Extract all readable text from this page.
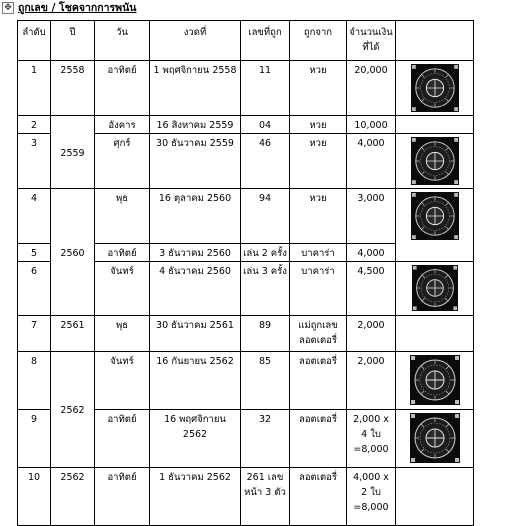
✥ ถูกเลข / โชคจากการพนัน
ลำดับ	ปี	วัน	งวดที่	เลขที่ถูก	ถูกจาก	จำนวนเงิน ที่ได้	
1	2558	อาทิตย์	1 พฤศจิกายน 2558	11	หวย	20,000	

2	2559	อังคาร	16 สิงหาคม 2559	04	หวย	10,000	
3		ศุกร์	30 ธันวาคม 2559	46	หวย	4,000	

4	2560	พุธ	16 ตุลาคม 2560	94	หวย	3,000	

5		อาทิตย์	3 ธันวาคม 2560	เล่น 2 ครั้ง	บาคาร่า	4,000	
6		จันทร์	4 ธันวาคม 2560	เล่น 3 ครั้ง	บาคาร่า	4,500	

7	2561	พุธ	30 ธันวาคม 2561	89	แม่ถูกเลข ลอตเตอรี่	2,000	
8	2562	จันทร์	16 กันยายน 2562	85	ลอตเตอรี่	2,000	

9		อาทิตย์	16 พฤศจิกายน 2562	32	ลอตเตอรี่	2,000 x 4 ใบ =8,000	

10	2562	อาทิตย์	1 ธันวาคม 2562	261 เลขหน้า 3 ตัว	ลอตเตอรี่	4,000 x 2 ใบ =8,000	
